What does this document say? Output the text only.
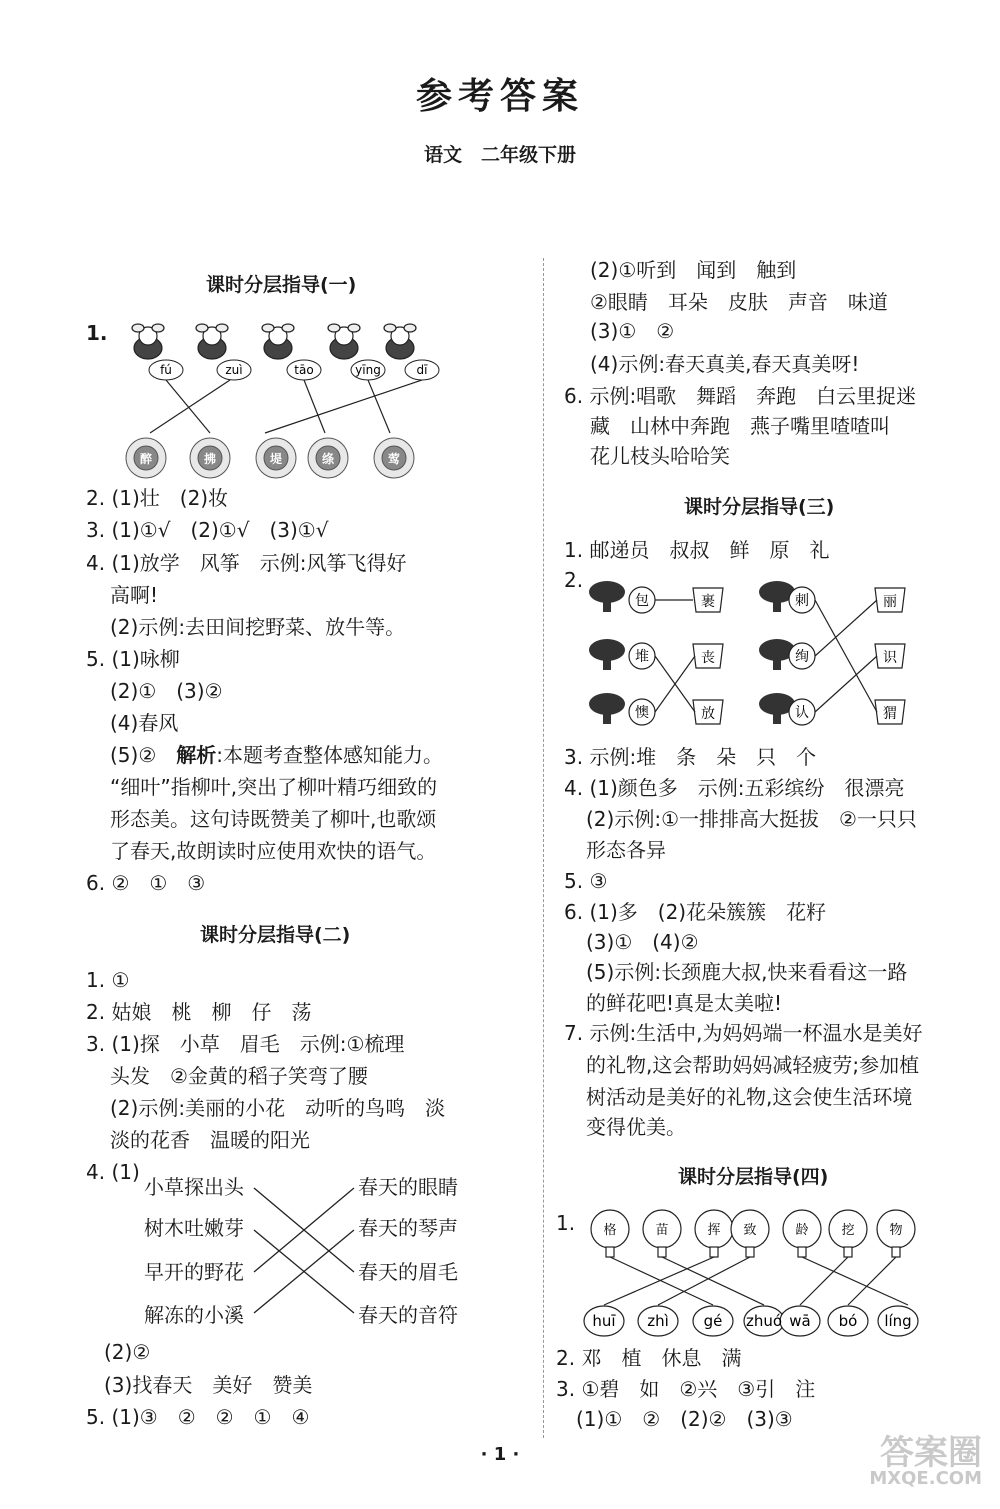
参考答案
语文　二年级下册
课时分层指导(一)
1.
fú	zuì	tāo	yīng	dī
醉	拂	堤	绦	莺
2. (1)壮　(2)妆
3. (1)①√　(2)①√　(3)①√
4. (1)放学　风筝　示例:风筝飞得好
高啊!
(2)示例:去田间挖野菜、放牛等。
5. (1)咏柳
(2)①　(3)②
(4)春风
(5)②　解析:本题考查整体感知能力。
“细叶”指柳叶,突出了柳叶精巧细致的
形态美。这句诗既赞美了柳叶,也歌颂
了春天,故朗读时应使用欢快的语气。
6. ②　①　③
课时分层指导(二)
1. ①
2. 姑娘　桃　柳　仔　荡
3. (1)探　小草　眉毛　示例:①梳理
头发　②金黄的稻子笑弯了腰
(2)示例:美丽的小花　动听的鸟鸣　淡
淡的花香　温暖的阳光
4. (1)
小草探出头
树木吐嫩芽
早开的野花
解冻的小溪
春天的眼睛
春天的琴声
春天的眉毛
春天的音符
(2)②
(3)找春天　美好　赞美
5. (1)③　②　②　①　④
(2)①听到　闻到　触到
②眼睛　耳朵　皮肤　声音　味道
(3)①　②
(4)示例:春天真美,春天真美呀!
6. 示例:唱歌　舞蹈　奔跑　白云里捉迷
藏　山林中奔跑　燕子嘴里喳喳叫
花儿枝头哈哈笑
课时分层指导(三)
1. 邮递员　叔叔　鲜　原　礼
2.
包
堆
懊
裹
丧
放
刺
绚
认
丽
识
猬
3. 示例:堆　条　朵　只　个
4. (1)颜色多　示例:五彩缤纷　很漂亮
(2)示例:①一排排高大挺拔　②一只只
形态各异
5. ③
6. (1)多　(2)花朵簇簇　花籽
(3)①　(4)②
(5)示例:长颈鹿大叔,快来看看这一路
的鲜花吧!真是太美啦!
7. 示例:生活中,为妈妈端一杯温水是美好
的礼物,这会帮助妈妈减轻疲劳;参加植
树活动是美好的礼物,这会使生活环境
变得优美。
课时分层指导(四)
1. 格	苗	挥 致	龄	挖	物
huī zhì gé zhuó wā bó líng
2. 邓　植　休息　满
3. ①碧　如　②兴　③引　注
(1)①　②　(2)②　(3)③
· 1 ·	答案圈
MXQE.COM
